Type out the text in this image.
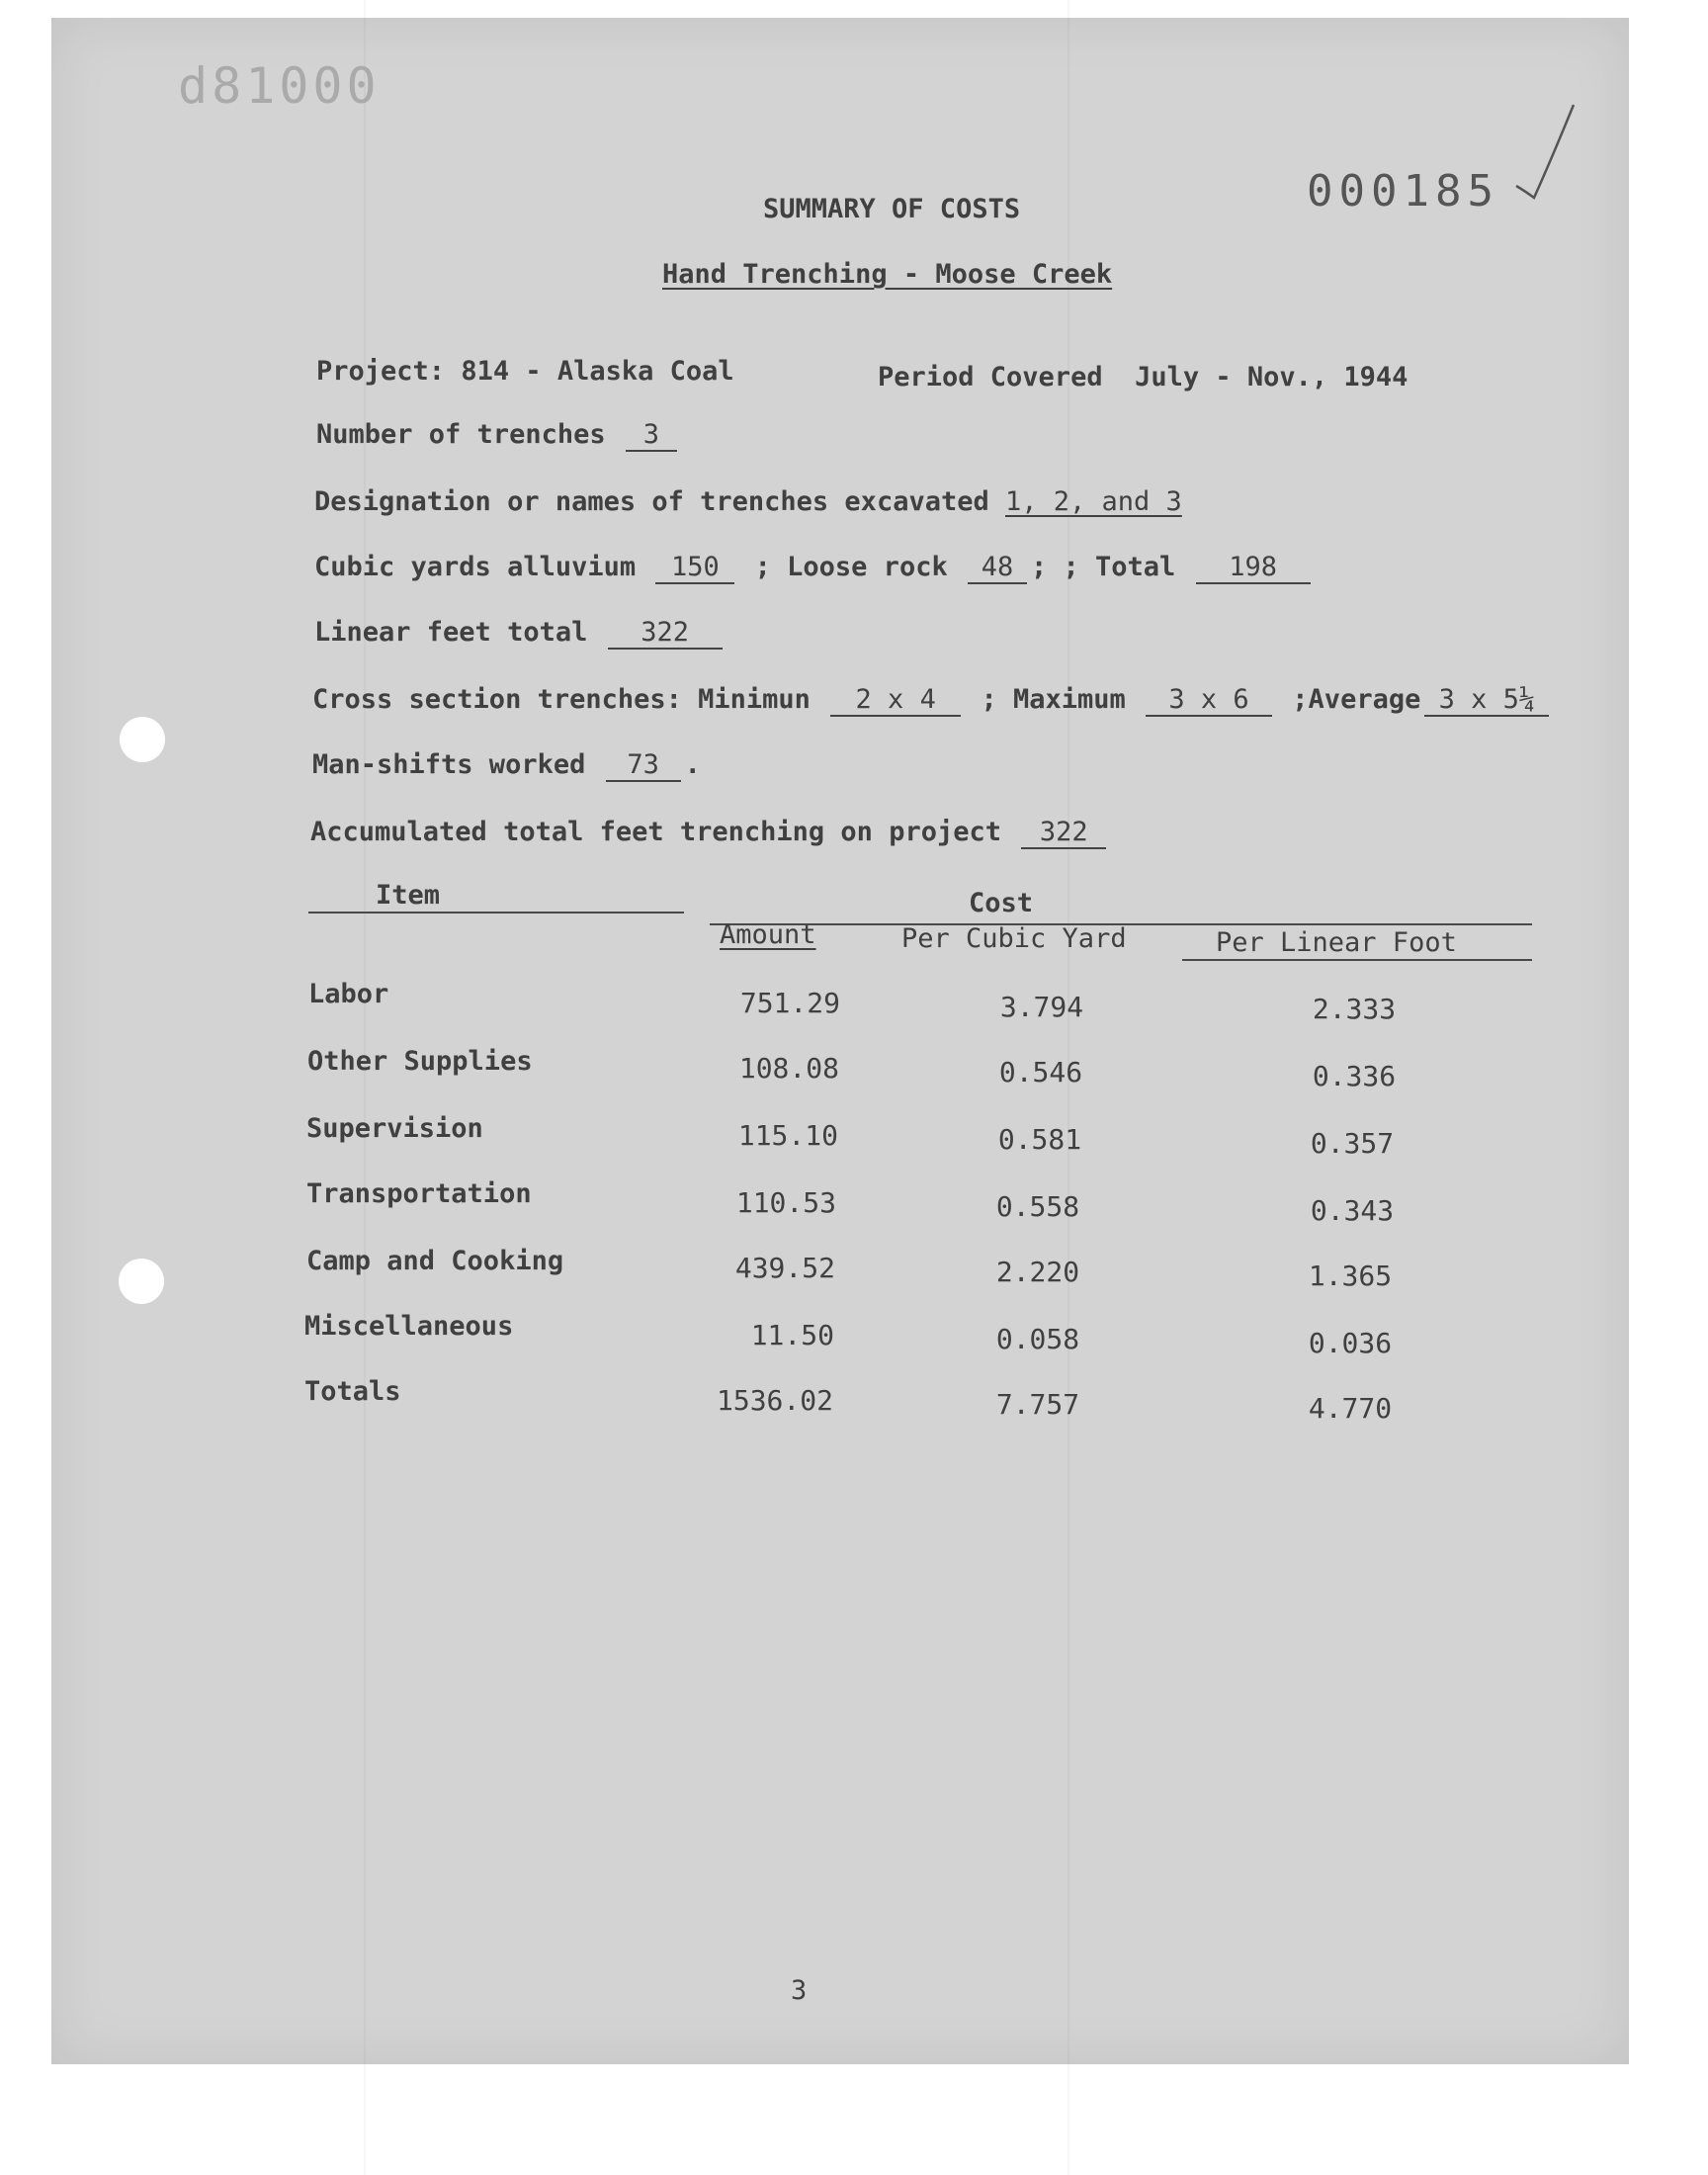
d81000
000185
SUMMARY OF COSTS
Hand Trenching - Moose Creek
Project: 814 - Alaska Coal	Period Covered July - Nov., 1944
Number of trenches 3
Designation or names of trenches excavated 1, 2, and 3
Cubic yards alluvium 150 ; Loose rock 48 ; ; Total 198
Linear feet total 322
Cross section trenches: Minimun 2 x 4 ; Maximum 3 x 6 ;Average 3 x 5¼
Man-shifts worked 73 .
Accumulated total feet trenching on project 322
Item	Cost
Amount	Per Cubic Yard	Per Linear Foot
Labor	751.29	3.794	2.333
Other Supplies	108.08	0.546	0.336
Supervision	115.10	0.581	0.357
Transportation	110.53	0.558	0.343
Camp and Cooking	439.52	2.220	1.365
Miscellaneous	11.50	0.058	0.036
Totals	1536.02	7.757	4.770
3
